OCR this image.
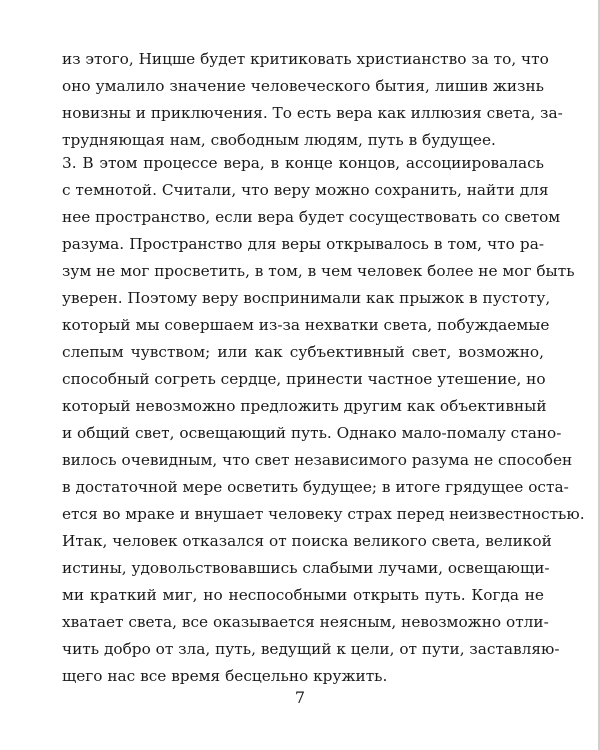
из этого, Ницше будет критиковать христианство за то, что
оно умалило значение человеческого бытия, лишив жизнь
новизны и приключения. То есть вера как иллюзия света, за-
трудняющая нам, свободным людям, путь в будущее.
3. В этом процессе вера, в конце концов, ассоциировалась
с темнотой. Считали, что веру можно сохранить, найти для
нее пространство, если вера будет сосуществовать со светом
разума. Пространство для веры открывалось в том, что ра-
зум не мог просветить, в том, в чем человек более не мог быть
уверен. Поэтому веру воспринимали как прыжок в пустоту,
который мы совершаем из-за нехватки света, побуждаемые
слепым чувством; или как субъективный свет, возможно,
способный согреть сердце, принести частное утешение, но
который невозможно предложить другим как объективный
и общий свет, освещающий путь. Однако мало-помалу стано-
вилось очевидным, что свет независимого разума не способен
в достаточной мере осветить будущее; в итоге грядущее оста-
ется во мраке и внушает человеку страх перед неизвестностью.
Итак, человек отказался от поиска великого света, великой
истины, удовольствовавшись слабыми лучами, освещающи-
ми краткий миг, но неспособными открыть путь. Когда не
хватает света, все оказывается неясным, невозможно отли-
чить добро от зла, путь, ведущий к цели, от пути, заставляю-
щего нас все время бесцельно кружить.
7
